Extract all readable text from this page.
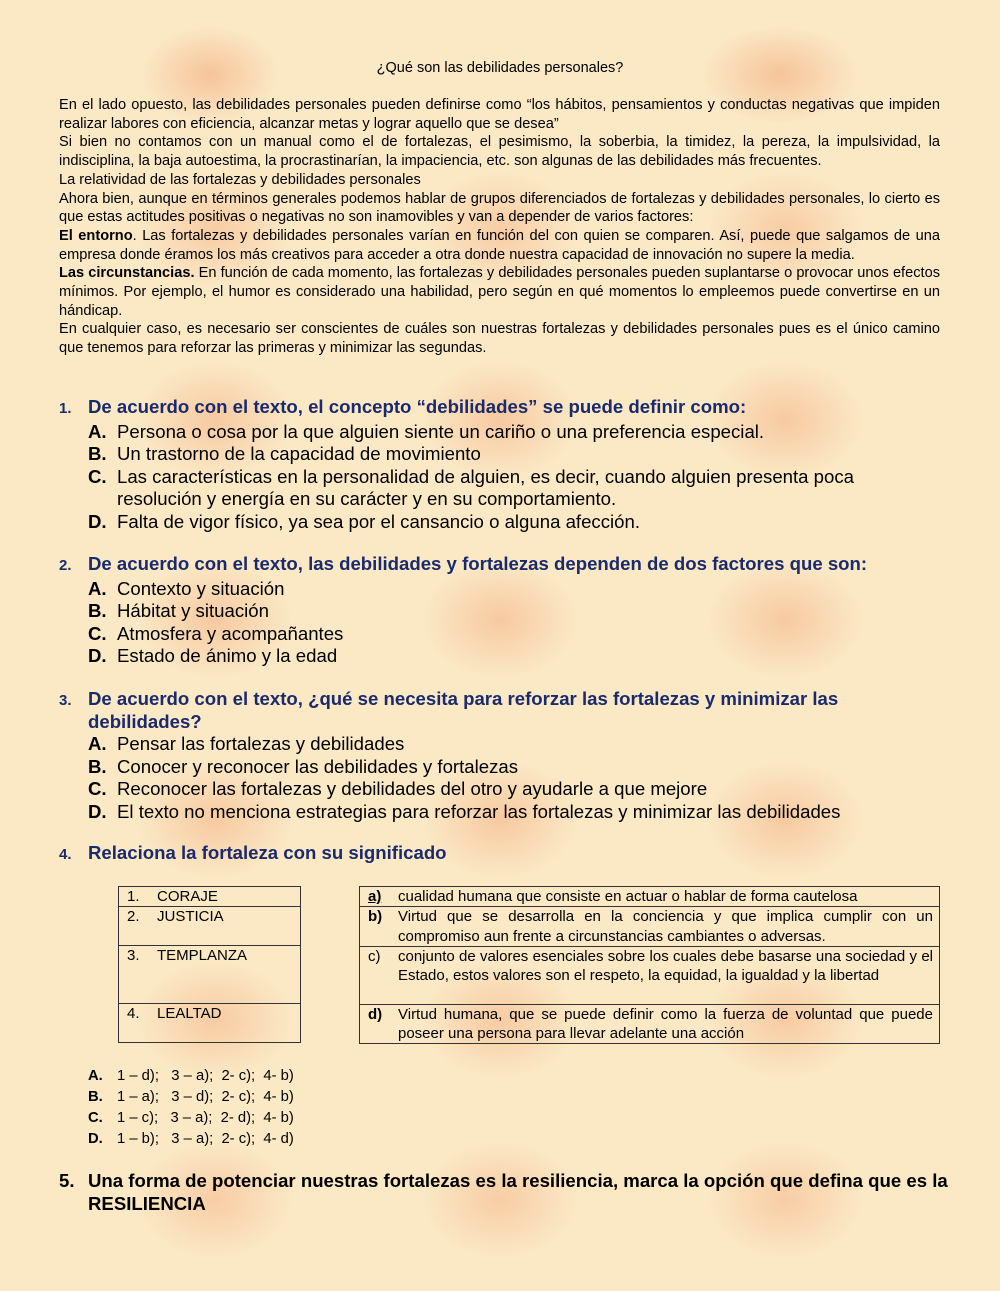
¿Qué son las debilidades personales?

En el lado opuesto, las debilidades personales pueden definirse como “los hábitos, pensamientos y conductas negativas que impiden realizar labores con eficiencia, alcanzar metas y lograr aquello que se desea”

Si bien no contamos con un manual como el de fortalezas, el pesimismo, la soberbia, la timidez, la pereza, la impulsividad, la indisciplina, la baja autoestima, la procrastinarían, la impaciencia, etc. son algunas de las debilidades más frecuentes.

La relatividad de las fortalezas y debilidades personales

Ahora bien, aunque en términos generales podemos hablar de grupos diferenciados de fortalezas y debilidades personales, lo cierto es que estas actitudes positivas o negativas no son inamovibles y van a depender de varios factores:

El entorno. Las fortalezas y debilidades personales varían en función del con quien se comparen. Así, puede que salgamos de una empresa donde éramos los más creativos para acceder a otra donde nuestra capacidad de innovación no supere la media.

Las circunstancias. En función de cada momento, las fortalezas y debilidades personales pueden suplantarse o provocar unos efectos mínimos. Por ejemplo, el humor es considerado una habilidad, pero según en qué momentos lo empleemos puede convertirse en un hándicap.

En cualquier caso, es necesario ser conscientes de cuáles son nuestras fortalezas y debilidades personales pues es el único camino que tenemos para reforzar las primeras y minimizar las segundas.

1. De acuerdo con el texto, el concepto “debilidades” se puede definir como:
A. Persona o cosa por la que alguien siente un cariño o una preferencia especial.
B. Un trastorno de la capacidad de movimiento
C. Las características en la personalidad de alguien, es decir, cuando alguien presenta poca resolución y energía en su carácter y en su comportamiento.
D. Falta de vigor físico, ya sea por el cansancio o alguna afección.
2. De acuerdo con el texto, las debilidades y fortalezas dependen de dos factores que son:
A. Contexto y situación
B. Hábitat y situación
C. Atmosfera y acompañantes
D. Estado de ánimo y la edad
3. De acuerdo con el texto, ¿qué se necesita para reforzar las fortalezas y minimizar las debilidades?
A. Pensar las fortalezas y debilidades
B. Conocer y reconocer las debilidades y fortalezas
C. Reconocer las fortalezas y debilidades del otro y ayudarle a que mejore
D. El texto no menciona estrategias para reforzar las fortalezas y minimizar las debilidades
4. Relaciona la fortaleza con su significado
1. CORAJE
2. JUSTICIA
3. TEMPLANZA
4. LEALTAD
a)	cualidad humana que consiste en actuar o hablar de forma cautelosa

b)	Virtud que se desarrolla en la conciencia y que implica cumplir con un compromiso aun frente a circunstancias cambiantes o adversas.

c)	conjunto de valores esenciales sobre los cuales debe basarse una sociedad y el Estado, estos valores son el respeto, la equidad, la igualdad y la libertad

d)	Virtud humana, que se puede definir como la fuerza de voluntad que puede poseer una persona para llevar adelante una acción
A. 1 – d);   3 – a);  2- c);  4- b)
B. 1 – a);   3 – d);  2- c);  4- b)
C. 1 – c);   3 – a);  2- d);  4- b)
D. 1 – b);   3 – a);  2- c);  4- d)
5. Una forma de potenciar nuestras fortalezas es la resiliencia, marca la opción que defina que es la RESILIENCIA
